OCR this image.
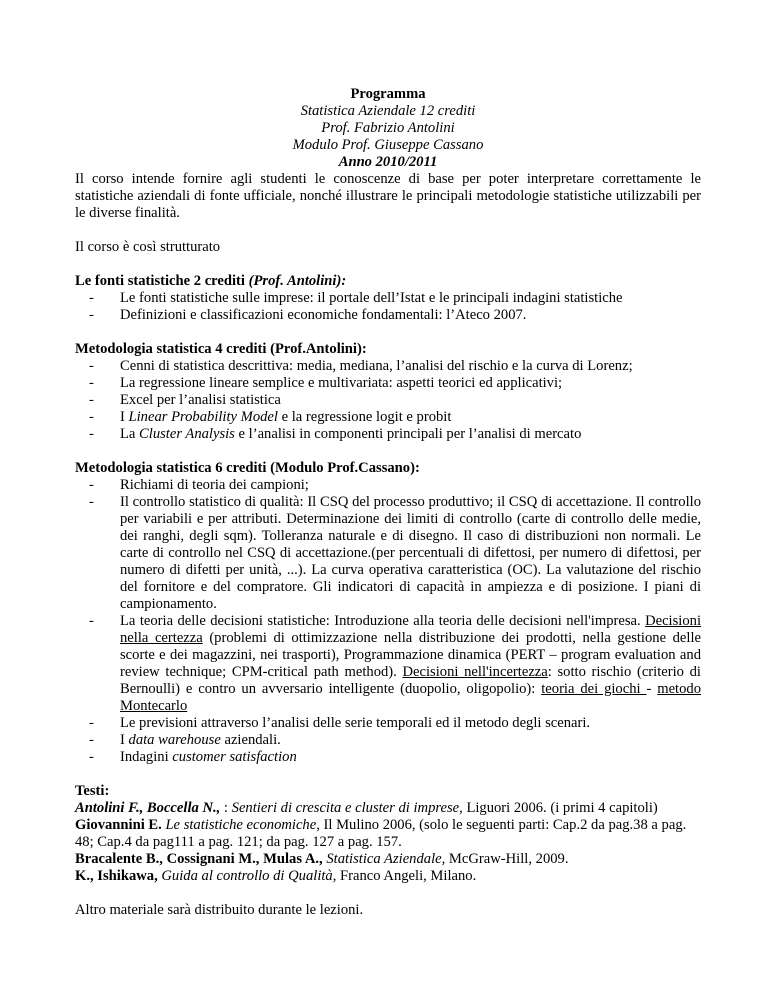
Programma

Statistica Aziendale 12 crediti

Prof. Fabrizio Antolini

Modulo Prof. Giuseppe Cassano

Anno 2010/2011

Il corso intende fornire agli studenti le conoscenze di base per poter interpretare correttamente le statistiche aziendali di fonte ufficiale, nonché illustrare le principali metodologie statistiche utilizzabili per le diverse finalità.

Il corso è così strutturato

Le fonti statistiche 2 crediti (Prof. Antolini):

- Le fonti statistiche sulle imprese: il portale dell’Istat e le principali indagini statistiche
- Definizioni e classificazioni economiche fondamentali: l’Ateco 2007.

Metodologia statistica 4 crediti (Prof.Antolini):

- Cenni di statistica descrittiva: media, mediana, l’analisi del rischio e la curva di Lorenz;
- La regressione lineare semplice e multivariata: aspetti teorici ed applicativi;
- Excel per l’analisi statistica
- I Linear Probability Model e la regressione logit e probit
- La Cluster Analysis e l’analisi in componenti principali per l’analisi di mercato

Metodologia statistica 6 crediti (Modulo Prof.Cassano):

- Richiami di teoria dei campioni;
- Il controllo statistico di qualità: Il CSQ del processo produttivo; il CSQ di accettazione. Il controllo per variabili e per attributi. Determinazione dei limiti di controllo (carte di controllo delle medie, dei ranghi, degli sqm). Tolleranza naturale e di disegno. Il caso di distribuzioni non normali. Le carte di controllo nel CSQ di accettazione.(per percentuali di difettosi, per numero di difettosi, per numero di difetti per unità, ...). La curva operativa caratteristica (OC). La valutazione del rischio del fornitore e del compratore. Gli indicatori di capacità in ampiezza e di posizione. I piani di campionamento.
- La teoria delle decisioni statistiche: Introduzione alla teoria delle decisioni nell'impresa. Decisioni nella certezza (problemi di ottimizzazione nella distribuzione dei prodotti, nella gestione delle scorte e dei magazzini, nei trasporti), Programmazione dinamica (PERT – program evaluation and review technique; CPM-critical path method). Decisioni nell'incertezza: sotto rischio (criterio di Bernoulli) e contro un avversario intelligente (duopolio, oligopolio): teoria dei giochi - metodo Montecarlo
- Le previsioni attraverso l’analisi delle serie temporali ed il metodo degli scenari.
- I data warehouse aziendali.
- Indagini customer satisfaction

Testi:

Antolini F., Boccella N., : Sentieri di crescita e cluster di imprese, Liguori 2006. (i primi 4 capitoli)

Giovannini E. Le statistiche economiche, Il Mulino 2006, (solo le seguenti parti: Cap.2 da pag.38 a pag. 48; Cap.4 da pag111 a pag. 121; da pag. 127 a pag. 157.

Bracalente B., Cossignani M., Mulas A., Statistica Aziendale, McGraw-Hill, 2009.

K., Ishikawa, Guida al controllo di Qualità, Franco Angeli, Milano.

Altro materiale sarà distribuito durante le lezioni.
